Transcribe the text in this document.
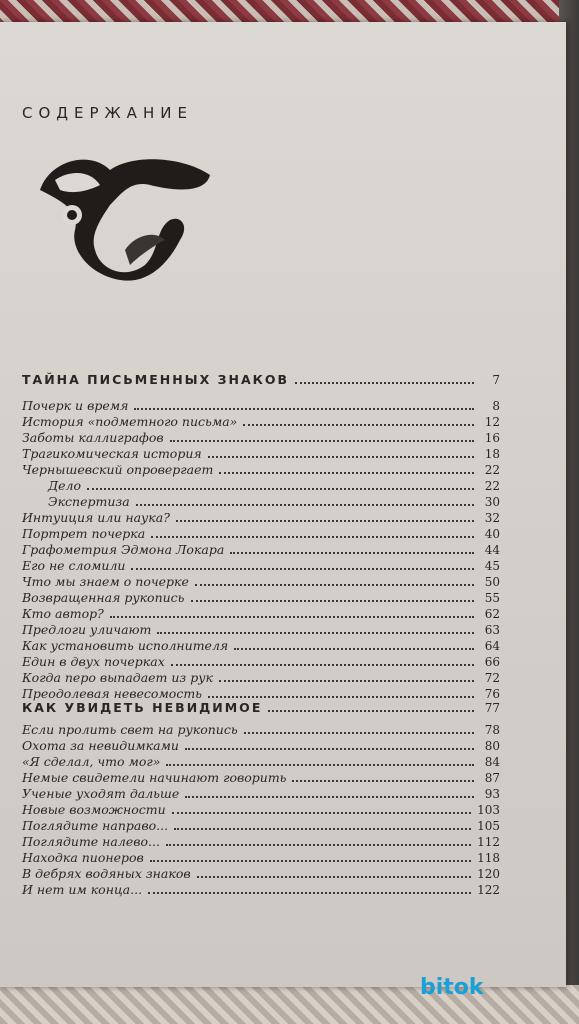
СОДЕРЖАНИЕ
ТАЙНА ПИСЬМЕННЫХ ЗНАКОВ	7
Почерк и время	8
История «подметного письма»	12
Заботы каллиграфов	16
Трагикомическая история	18
Чернышевский опровергает	22
Дело	22
Экспертиза	30
Интуиция или наука?	32
Портрет почерка	40
Графометрия Эдмона Локара	44
Его не сломили	45
Что мы знаем о почерке	50
Возвращенная рукопись	55
Кто автор?	62
Предлоги уличают	63
Как установить исполнителя	64
Един в двух почерках	66
Когда перо выпадает из рук	72
Преодолевая невесомость	76
КАК УВИДЕТЬ НЕВИДИМОЕ	77
Если пролить свет на рукопись	78
Охота за невидимками	80
«Я сделал, что мог»	84
Немые свидетели начинают говорить	87
Ученые уходят дальше	93
Новые возможности	103
Поглядите направо...	105
Поглядите налево...	112
Находка пионеров	118
В дебрях водяных знаков	120
И нет им конца...	122
bitok
